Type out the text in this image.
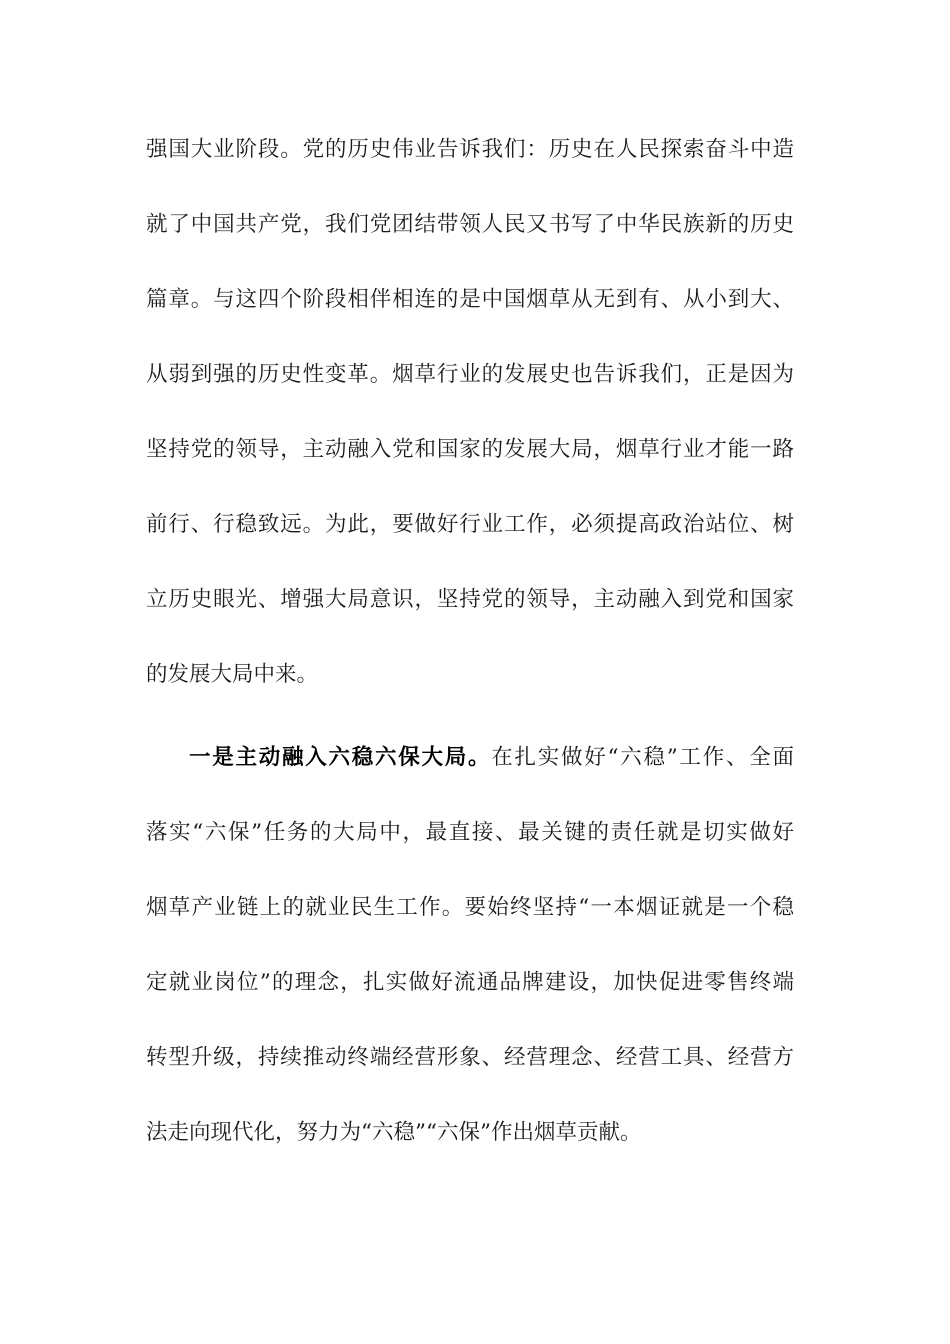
强国大业阶段。党的历史伟业告诉我们：历史在人民探索奋斗中造
就了中国共产党，我们党团结带领人民又书写了中华民族新的历史
篇章。与这四个阶段相伴相连的是中国烟草从无到有、从小到大、
从弱到强的历史性变革。烟草行业的发展史也告诉我们，正是因为
坚持党的领导，主动融入党和国家的发展大局，烟草行业才能一路
前行、行稳致远。为此，要做好行业工作，必须提高政治站位、树
立历史眼光、增强大局意识，坚持党的领导，主动融入到党和国家
的发展大局中来。
一是主动融入六稳六保大局。在扎实做好“六稳”工作、全面
落实“六保”任务的大局中，最直接、最关键的责任就是切实做好
烟草产业链上的就业民生工作。要始终坚持“一本烟证就是一个稳
定就业岗位”的理念，扎实做好流通品牌建设，加快促进零售终端
转型升级，持续推动终端经营形象、经营理念、经营工具、经营方
法走向现代化，努力为“六稳”“六保”作出烟草贡献。
